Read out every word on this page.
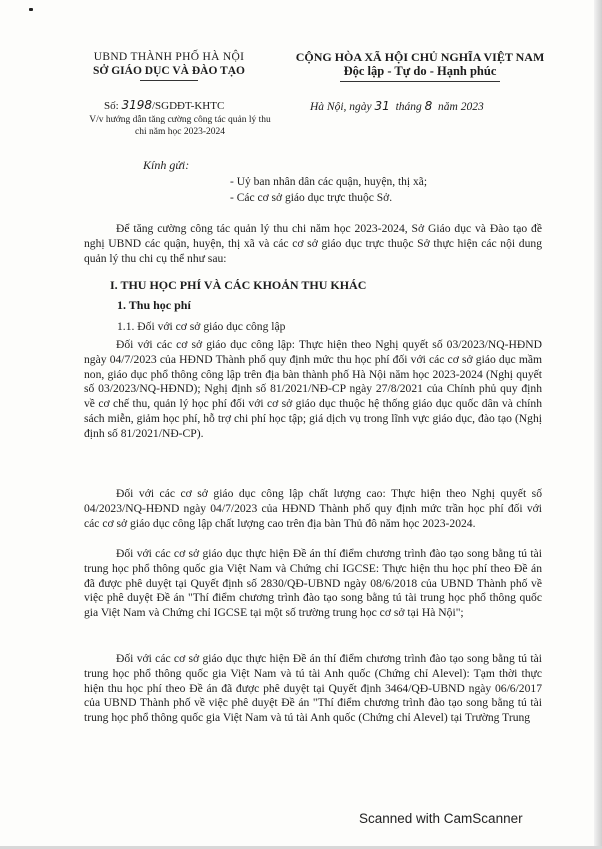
UBND THÀNH PHỐ HÀ NỘI
SỞ GIÁO DỤC VÀ ĐÀO TẠO
CỘNG HÒA XÃ HỘI CHỦ NGHĨA VIỆT NAM
Độc lập - Tự do - Hạnh phúc
Số: 3198/SGDĐT-KHTC
V/v hướng dẫn tăng cường công tác quản lý thu chi năm học 2023-2024
Hà Nội, ngày 31 tháng 8 năm 2023
Kính gửi:
- Uỷ ban nhân dân các quận, huyện, thị xã;
- Các cơ sở giáo dục trực thuộc Sở.

Để tăng cường công tác quản lý thu chi năm học 2023-2024, Sở Giáo dục và Đào tạo đề nghị UBND các quận, huyện, thị xã và các cơ sở giáo dục trực thuộc Sở thực hiện các nội dung quản lý thu chi cụ thể như sau:

I. THU HỌC PHÍ VÀ CÁC KHOẢN THU KHÁC
1. Thu học phí
1.1. Đối với cơ sở giáo dục công lập

Đối với các cơ sở giáo dục công lập: Thực hiện theo Nghị quyết số 03/2023/NQ-HĐND ngày 04/7/2023 của HĐND Thành phố quy định mức thu học phí đối với các cơ sở giáo dục mầm non, giáo dục phổ thông công lập trên địa bàn thành phố Hà Nội năm học 2023-2024 (Nghị quyết số 03/2023/NQ-HĐND); Nghị định số 81/2021/NĐ-CP ngày 27/8/2021 của Chính phủ quy định về cơ chế thu, quản lý học phí đối với cơ sở giáo dục thuộc hệ thống giáo dục quốc dân và chính sách miễn, giảm học phí, hỗ trợ chi phí học tập; giá dịch vụ trong lĩnh vực giáo dục, đào tạo (Nghị định số 81/2021/NĐ-CP).

Đối với các cơ sở giáo dục công lập chất lượng cao: Thực hiện theo Nghị quyết số 04/2023/NQ-HĐND ngày 04/7/2023 của HĐND Thành phố quy định mức trần học phí đối với các cơ sở giáo dục công lập chất lượng cao trên địa bàn Thủ đô năm học 2023-2024.

Đối với các cơ sở giáo dục thực hiện Đề án thí điểm chương trình đào tạo song bằng tú tài trung học phổ thông quốc gia Việt Nam và Chứng chỉ IGCSE: Thực hiện thu học phí theo Đề án đã được phê duyệt tại Quyết định số 2830/QĐ-UBND ngày 08/6/2018 của UBND Thành phố về việc phê duyệt Đề án "Thí điểm chương trình đào tạo song bằng tú tài trung học phổ thông quốc gia Việt Nam và Chứng chỉ IGCSE tại một số trường trung học cơ sở tại Hà Nội";

Đối với các cơ sở giáo dục thực hiện Đề án thí điểm chương trình đào tạo song bằng tú tài trung học phổ thông quốc gia Việt Nam và tú tài Anh quốc (Chứng chỉ Alevel): Tạm thời thực hiện thu học phí theo Đề án đã được phê duyệt tại Quyết định 3464/QĐ-UBND ngày 06/6/2017 của UBND Thành phố về việc phê duyệt Đề án "Thí điểm chương trình đào tạo song bằng tú tài trung học phổ thông quốc gia Việt Nam và tú tài Anh quốc (Chứng chỉ Alevel) tại Trường Trung

Scanned with CamScanner
